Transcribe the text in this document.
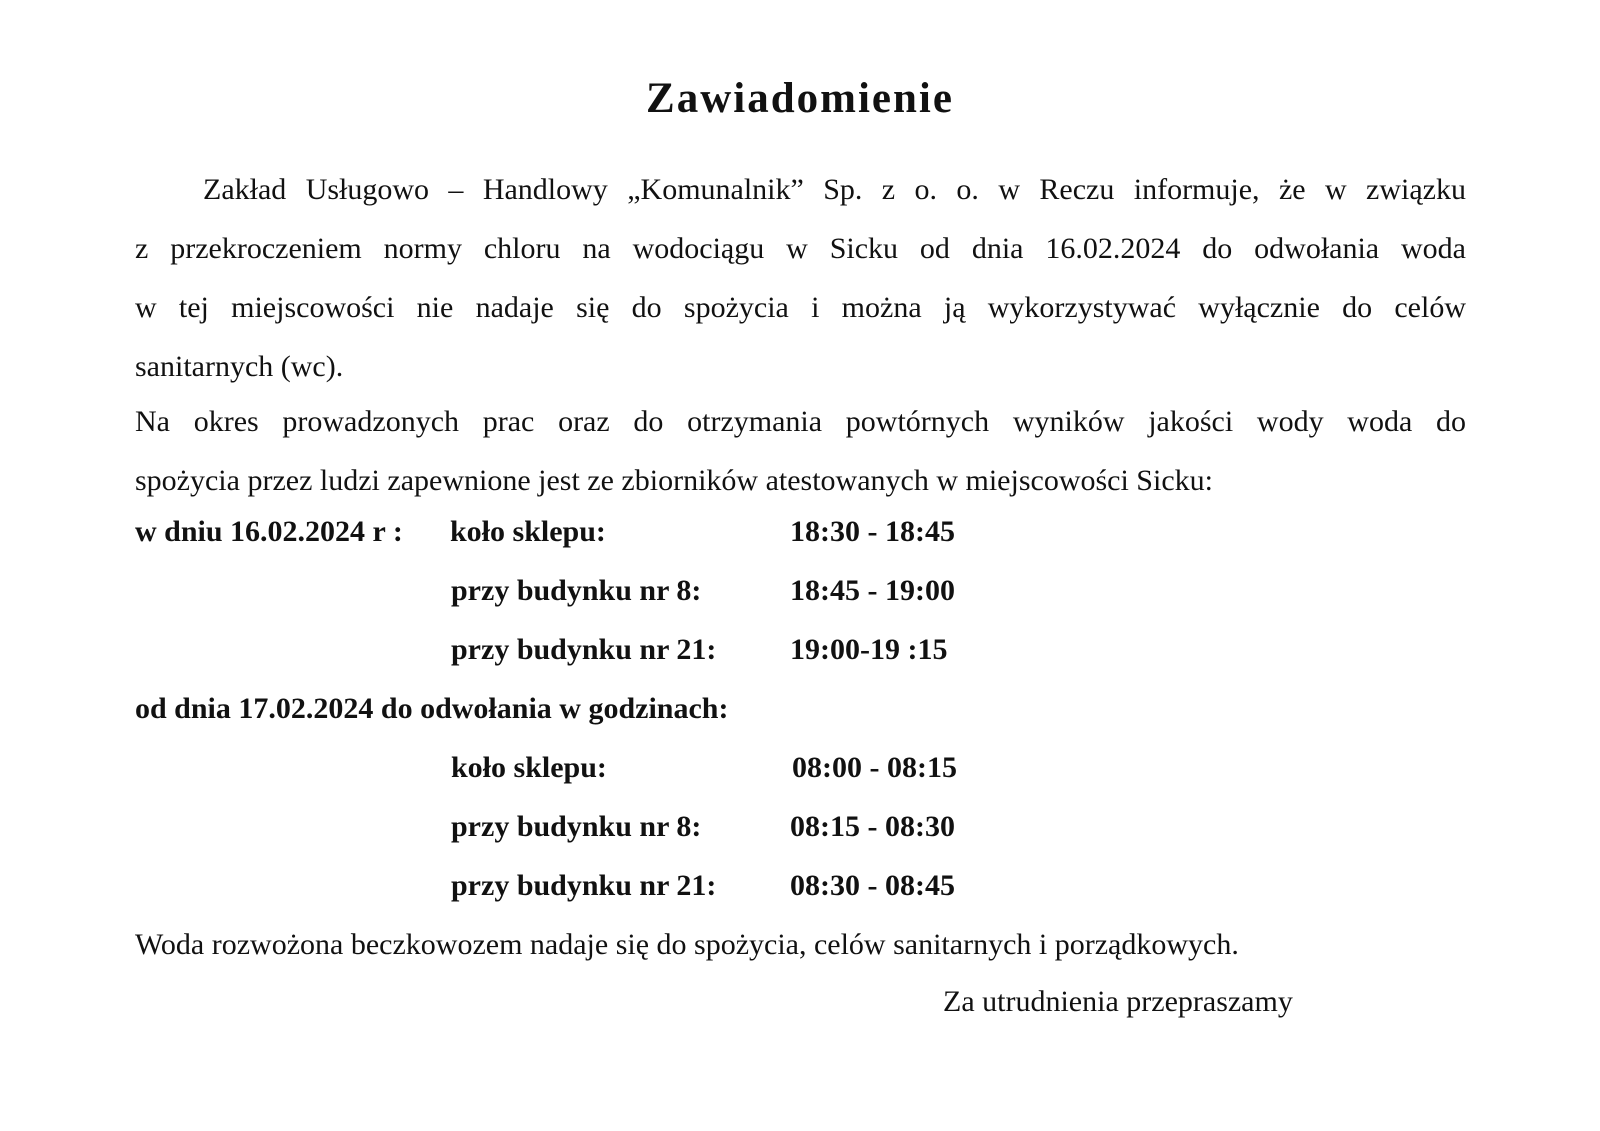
Zawiadomienie
Zakład Usługowo – Handlowy „Komunalnik” Sp. z o. o. w Reczu informuje, że w związku
z przekroczeniem normy chloru na wodociągu w Sicku od dnia 16.02.2024 do odwołania woda
w tej miejscowości nie nadaje się do spożycia i można ją wykorzystywać wyłącznie do celów
sanitarnych (wc).
Na okres prowadzonych prac oraz do otrzymania powtórnych wyników jakości wody woda do
spożycia przez ludzi zapewnione jest ze zbiorników atestowanych w miejscowości Sicku:
w dniu 16.02.2024 r : koło sklepu:	18:30 - 18:45
przy budynku nr 8:	18:45 - 19:00
przy budynku nr 21: 19:00-19 :15
od dnia 17.02.2024 do odwołania w godzinach:
koło sklepu:	08:00 - 08:15
przy budynku nr 8:	08:15 - 08:30
przy budynku nr 21: 08:30 - 08:45
Woda rozwożona beczkowozem nadaje się do spożycia, celów sanitarnych i porządkowych.
Za utrudnienia przepraszamy
